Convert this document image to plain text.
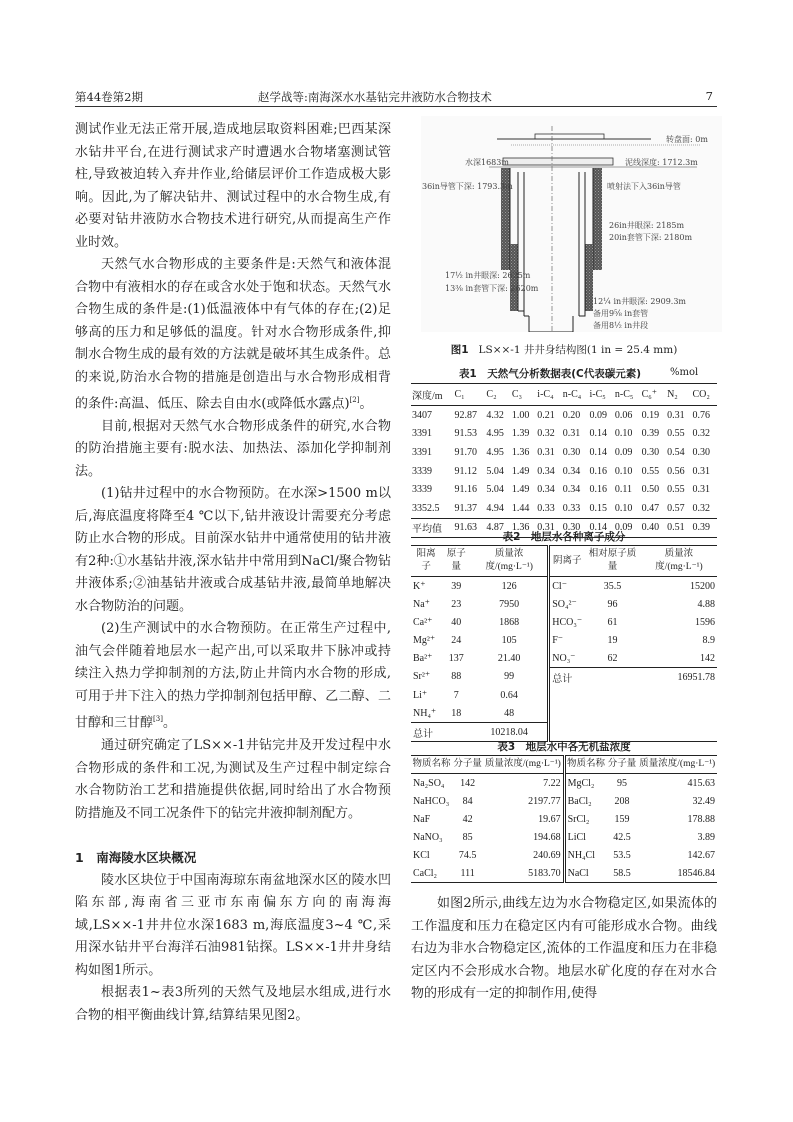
第44卷第2期	赵学战等:南海深水水基钻完井液防水合物技术	7

测试作业无法正常开展,造成地层取资料困难;巴西某深水钻井平台,在进行测试求产时遭遇水合物堵塞测试管柱,导致被迫转入弃井作业,给储层评价工作造成极大影响。因此,为了解决钻井、测试过程中的水合物生成,有必要对钻井液防水合物技术进行研究,从而提高生产作业时效。

天然气水合物形成的主要条件是:天然气和液体混合物中有液相水的存在或含水处于饱和状态。天然气水合物生成的条件是:(1)低温液体中有气体的存在;(2)足够高的压力和足够低的温度。针对水合物形成条件,抑制水合物生成的最有效的方法就是破坏其生成条件。总的来说,防治水合物的措施是创造出与水合物形成相背的条件:高温、低压、除去自由水(或降低水露点)[2]。

目前,根据对天然气水合物形成条件的研究,水合物的防治措施主要有:脱水法、加热法、添加化学抑制剂法。

(1)钻井过程中的水合物预防。在水深>1500 m以后,海底温度将降至4 ℃以下,钻井液设计需要充分考虑防止水合物的形成。目前深水钻井中通常使用的钻井液有2种:①水基钻井液,深水钻井中常用到NaCl/聚合物钻井液体系;②油基钻井液或合成基钻井液,最简单地解决水合物防治的问题。

(2)生产测试中的水合物预防。在正常生产过程中,油气会伴随着地层水一起产出,可以采取井下脉冲或持续注入热力学抑制剂的方法,防止井筒内水合物的形成,可用于井下注入的热力学抑制剂包括甲醇、乙二醇、二甘醇和三甘醇[3]。

通过研究确定了LS××-1井钻完井及开发过程中水合物形成的条件和工况,为测试及生产过程中制定综合水合物防治工艺和措施提供依据,同时给出了水合物预防措施及不同工况条件下的钻完井液抑制剂配方。

1　南海陵水区块概况

陵水区块位于中国南海琼东南盆地深水区的陵水凹陷东部,海南省三亚市东南偏东方向的南海海域,LS××-1井井位水深1683 m,海底温度3~4 ℃,采用深水钻井平台海洋石油981钻探。LS××-1井井身结构如图1所示。

根据表1~表3所列的天然气及地层水组成,进行水合物的相平衡曲线计算,结算结果见图2。

转盘面: 0m
水深1683m	泥线深度: 1712.3m
36in导管下深: 1793.3m	喷射法下入36in导管
26in井眼深: 2185m
20in套管下深: 2180m
17½ in井眼深: 2625m
13⅜ in套管下深: 2620m
12¼ in井眼深: 2909.3m
备用9⅝ in套管
备用8½ in井段
图1 LS××-1 井井身结构图(1 in = 25.4 mm)
表1　天然气分析数据表(C代表碳元素)	%mol
深度/m	C₁	C₂	C₃	i-C₄	n-C₄	i-C₅	n-C₅	C₆⁺	N₂	CO₂
3407	92.87	4.32	1.00	0.21	0.20	0.09	0.06	0.19	0.31	0.76
3391	91.53	4.95	1.39	0.32	0.31	0.14	0.10	0.39	0.55	0.32
3391	91.70	4.95	1.36	0.31	0.30	0.14	0.09	0.30	0.54	0.30
3339	91.12	5.04	1.49	0.34	0.34	0.16	0.10	0.55	0.56	0.31
3339	91.16	5.04	1.49	0.34	0.34	0.16	0.11	0.50	0.55	0.31
3352.5	91.37	4.94	1.44	0.33	0.33	0.15	0.10	0.47	0.57	0.32
平均值	91.63	4.87	1.36	0.31	0.30	0.14	0.09	0.40	0.51	0.39
表2　地层水各种离子成分
阳离子	原子量	质量浓度/(mg·L⁻¹)	阴离子	相对原子质量	质量浓度/(mg·L⁻¹)
K⁺	39	126	Cl⁻	35.5	15200
Na⁺	23	7950	SO₄²⁻	96	4.88
Ca²⁺	40	1868	HCO₃⁻	61	1596
Mg²⁺	24	105	F⁻	19	8.9
Ba²⁺	137	21.40	NO₃⁻	62	142
Sr²⁺	88	99	总计		16951.78
Li⁺	7	0.64			
NH₄⁺	18	48			
总计		10218.04			
表3　地层水中各无机盐浓度
物质名称	分子量	质量浓度/(mg·L⁻¹)	物质名称	分子量	质量浓度/(mg·L⁻¹)
Na₂SO₄	142	7.22	MgCl₂	95	415.63
NaHCO₃	84	2197.77	BaCl₂	208	32.49
NaF	42	19.67	SrCl₂	159	178.88
NaNO₃	85	194.68	LiCl	42.5	3.89
KCl	74.5	240.69	NH₄Cl	53.5	142.67
CaCl₂	111	5183.70	NaCl	58.5	18546.84

如图2所示,曲线左边为水合物稳定区,如果流体的工作温度和压力在稳定区内有可能形成水合物。曲线右边为非水合物稳定区,流体的工作温度和压力在非稳定区内不会形成水合物。地层水矿化度的存在对水合物的形成有一定的抑制作用,使得
